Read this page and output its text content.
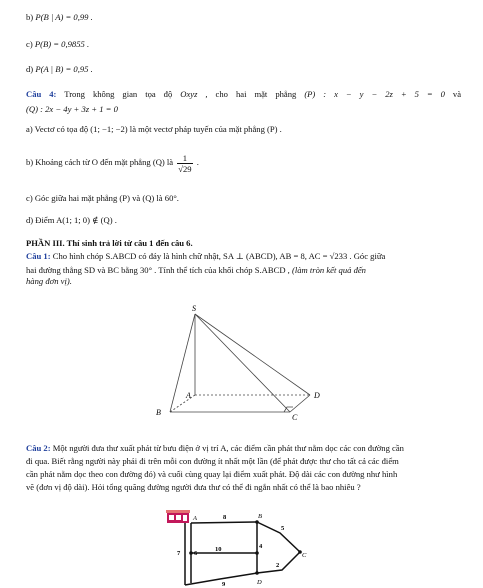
b) P(B | A) = 0,99 .
c) P(B) = 0,9855 .
d) P(A | B) = 0,95 .
Câu 4: Trong không gian tọa độ Oxyz , cho hai mặt phẳng (P) : x − y − 2z + 5 = 0 và
(Q) : 2x − 4y + 3z + 1 = 0
a) Vectơ có tọa độ (1; −1; −2) là một vectơ pháp tuyến của mặt phẳng (P) .
b) Khoảng cách từ O đến mặt phẳng (Q) là $\frac{1}{√29}$ .
c) Góc giữa hai mặt phẳng (P) và (Q) là 60°.
d) Điểm A(1; 1; 0) ∉ (Q) .
PHẦN III. Thí sinh trả lời từ câu 1 đến câu 6.
Câu 1: Cho hình chóp S.ABCD có đáy là hình chữ nhật, SA ⊥ (ABCD), AB = 8, AC = √233 . Góc giữa
hai đường thẳng SD và BC bằng 30° . Tính thể tích của khối chóp S.ABCD , (làm tròn kết quả đến
hàng đơn vị).
S
A
B
C
D
Câu 2: Một người đưa thư xuất phát từ bưu điện ở vị trí A, các điểm cần phát thư nằm dọc các con đường cần
đi qua. Biết rằng người này phải đi trên mỗi con đường ít nhất một lần (để phát được thư cho tất cả các điểm
cần phát nằm dọc theo con đường đó) và cuối cùng quay lại điểm xuất phát. Độ dài các con đường như hình
vẽ (đơn vị độ dài). Hỏi tổng quãng đường người đưa thư có thể đi ngắn nhất có thể là bao nhiêu ?
A	B
C
D
8
7 6
10
5
4
2
9
